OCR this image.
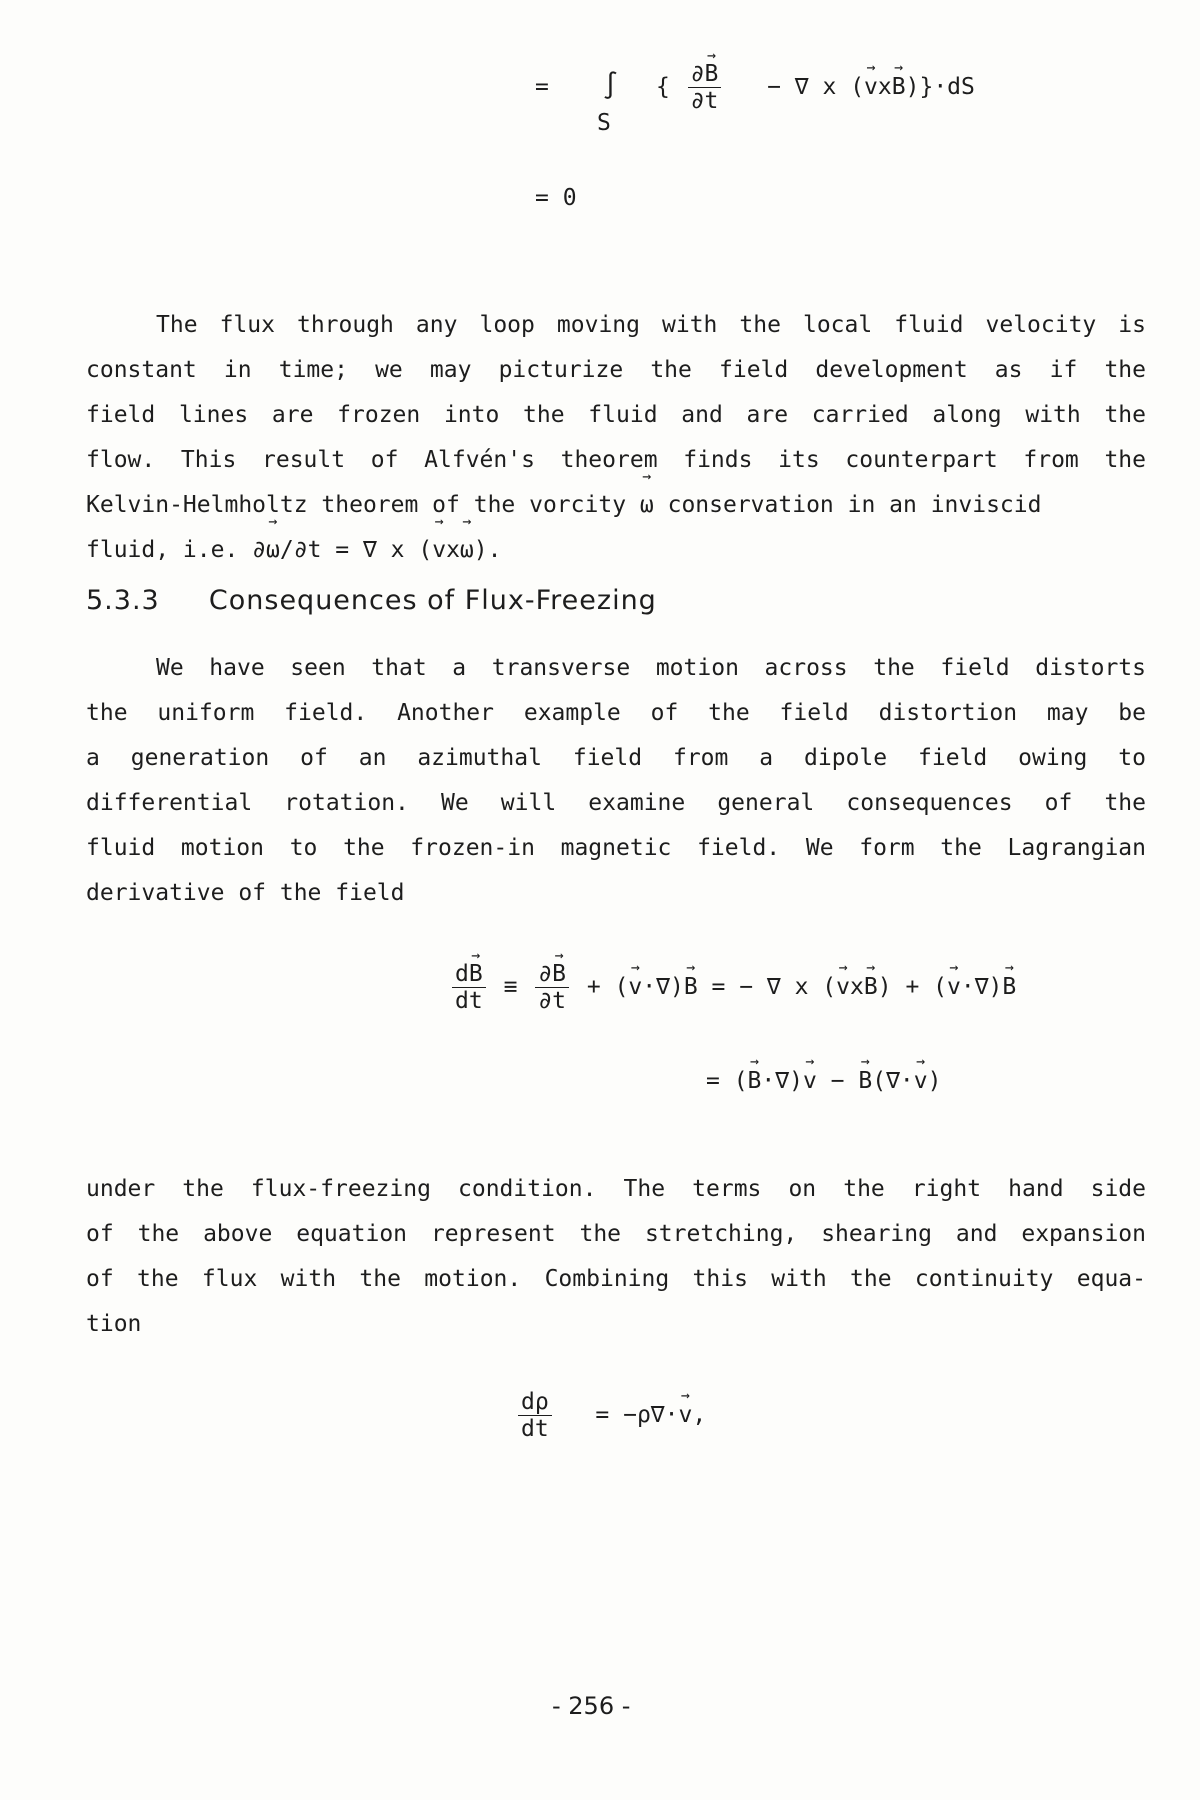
= ∫
S
{ $\frac{\partial\to B}{\partial t}$ − ∇ x (→ vx→ B)}·dS
= 0
The flux through any loop moving with the local fluid velocity is
constant in time; we may picturize the field development as if the
field lines are frozen into the fluid and are carried along with the
flow. This result of Alfvén's theorem finds its counterpart from the
Kelvin-Helmholtz theorem of the vorcity → ω conservation in an inviscid
fluid, i.e. ∂→ ω/∂t = ∇ x (→ vx→ ω).
5.3.3 Consequences of Flux-Freezing
We have seen that a transverse motion across the field distorts
the uniform field. Another example of the field distortion may be
a generation of an azimuthal field from a dipole field owing to
differential rotation. We will examine general consequences of the
fluid motion to the frozen-in magnetic field. We form the Lagrangian
derivative of the field
$\frac{d\to B}{dt} \equiv \frac{\partial\to B}{\partial t}$ + (→ v·∇)→ B = − ∇ x (→ vx→ B) + (→ v·∇)→ B
= (→ B·∇)→ v − → B(∇·→ v)
under the flux-freezing condition. The terms on the right hand side
of the above equation represent the stretching, shearing and expansion
of the flux with the motion. Combining this with the continuity equa-
tion
$\frac{d\rho}{dt} = -\rho\nabla\cdot\to v$,
- 256 -
